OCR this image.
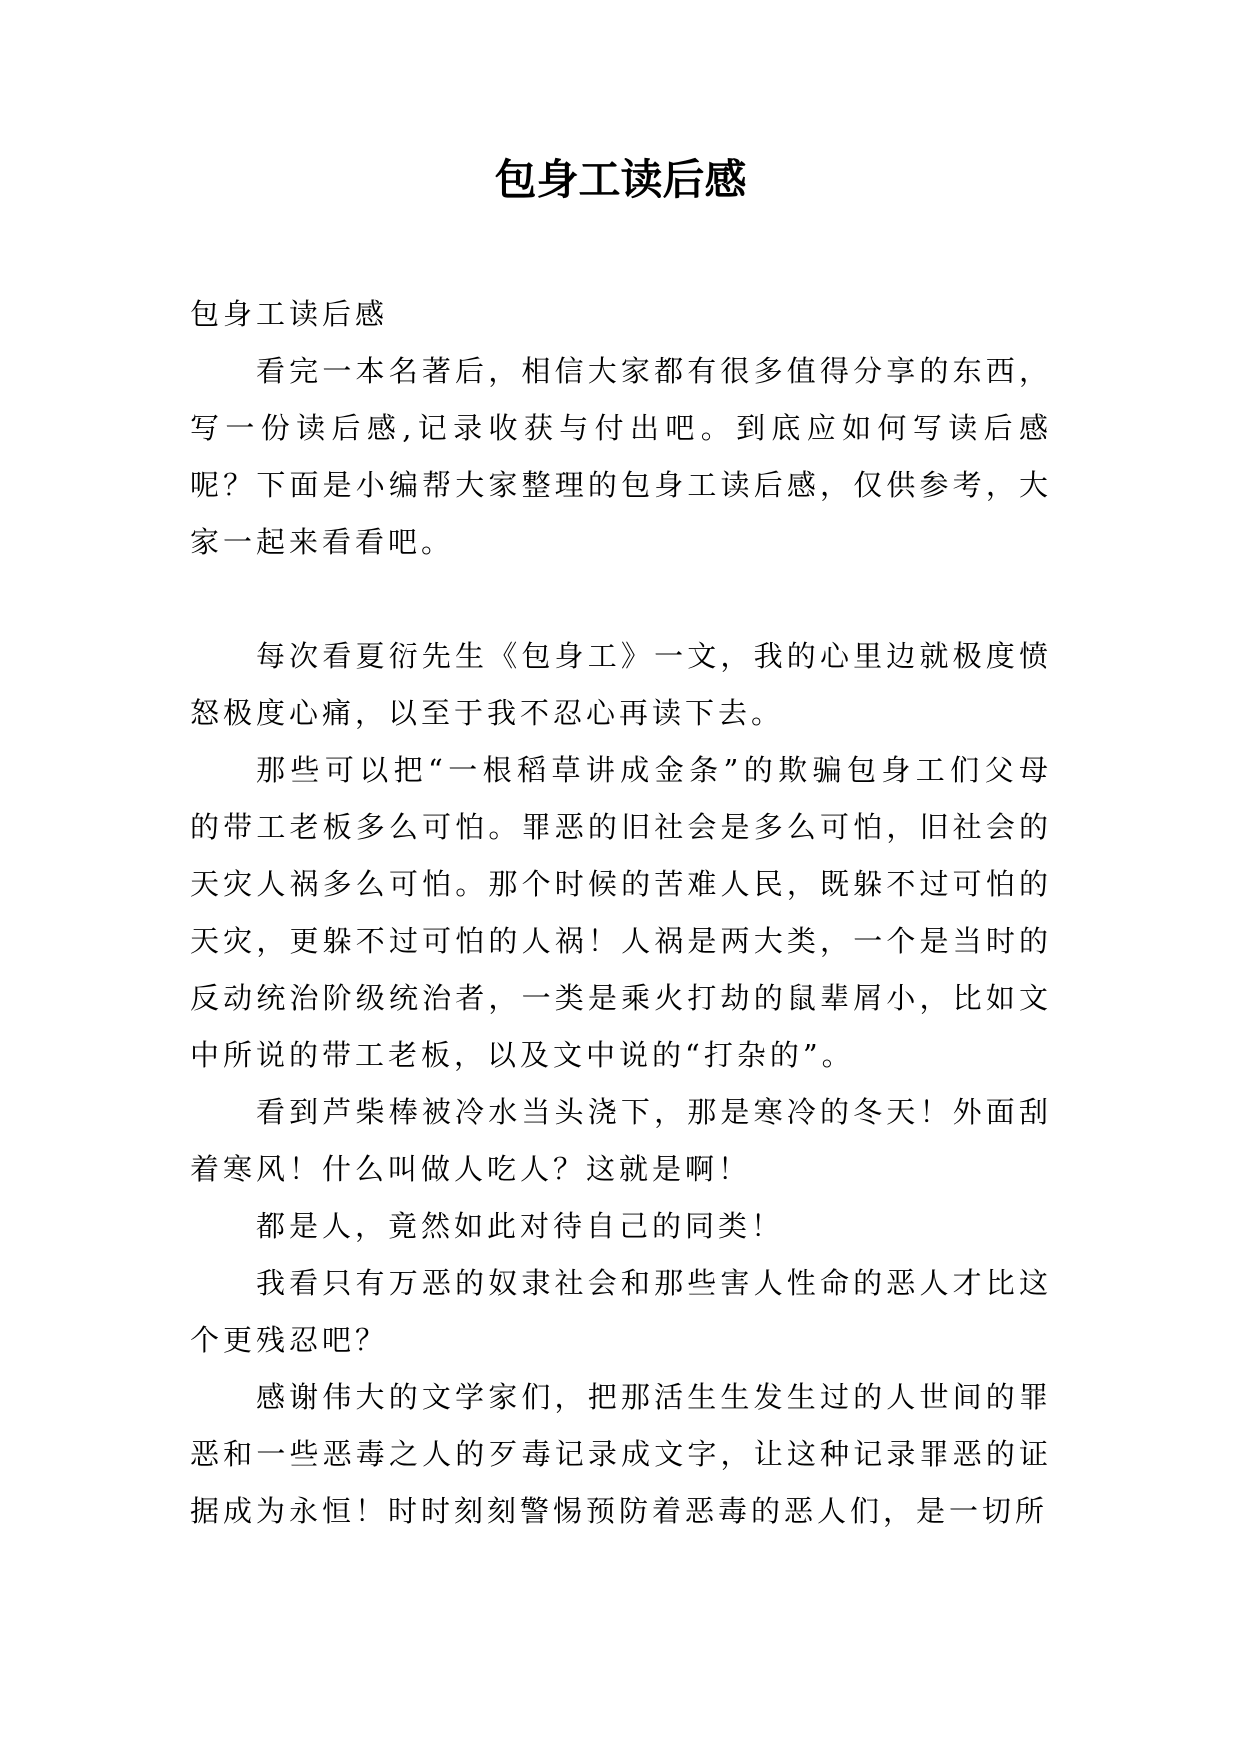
包身工读后感

包身工读后感

看完一本名著后，相信大家都有很多值得分享的东西，写一份读后感,记录收获与付出吧。到底应如何写读后感呢？下面是小编帮大家整理的包身工读后感，仅供参考，大家一起来看看吧。

每次看夏衍先生《包身工》一文，我的心里边就极度愤怒极度心痛，以至于我不忍心再读下去。

那些可以把“一根稻草讲成金条”的欺骗包身工们父母的带工老板多么可怕。罪恶的旧社会是多么可怕，旧社会的天灾人祸多么可怕。那个时候的苦难人民，既躲不过可怕的天灾，更躲不过可怕的人祸！人祸是两大类，一个是当时的反动统治阶级统治者，一类是乘火打劫的鼠辈屑小，比如文中所说的带工老板，以及文中说的“打杂的”。

看到芦柴棒被冷水当头浇下，那是寒冷的冬天！外面刮着寒风！什么叫做人吃人？这就是啊！

都是人，竟然如此对待自己的同类！

我看只有万恶的奴隶社会和那些害人性命的恶人才比这个更残忍吧？

感谢伟大的文学家们，把那活生生发生过的人世间的罪恶和一些恶毒之人的歹毒记录成文字，让这种记录罪恶的证据成为永恒！时时刻刻警惕预防着恶毒的恶人们，是一切所
